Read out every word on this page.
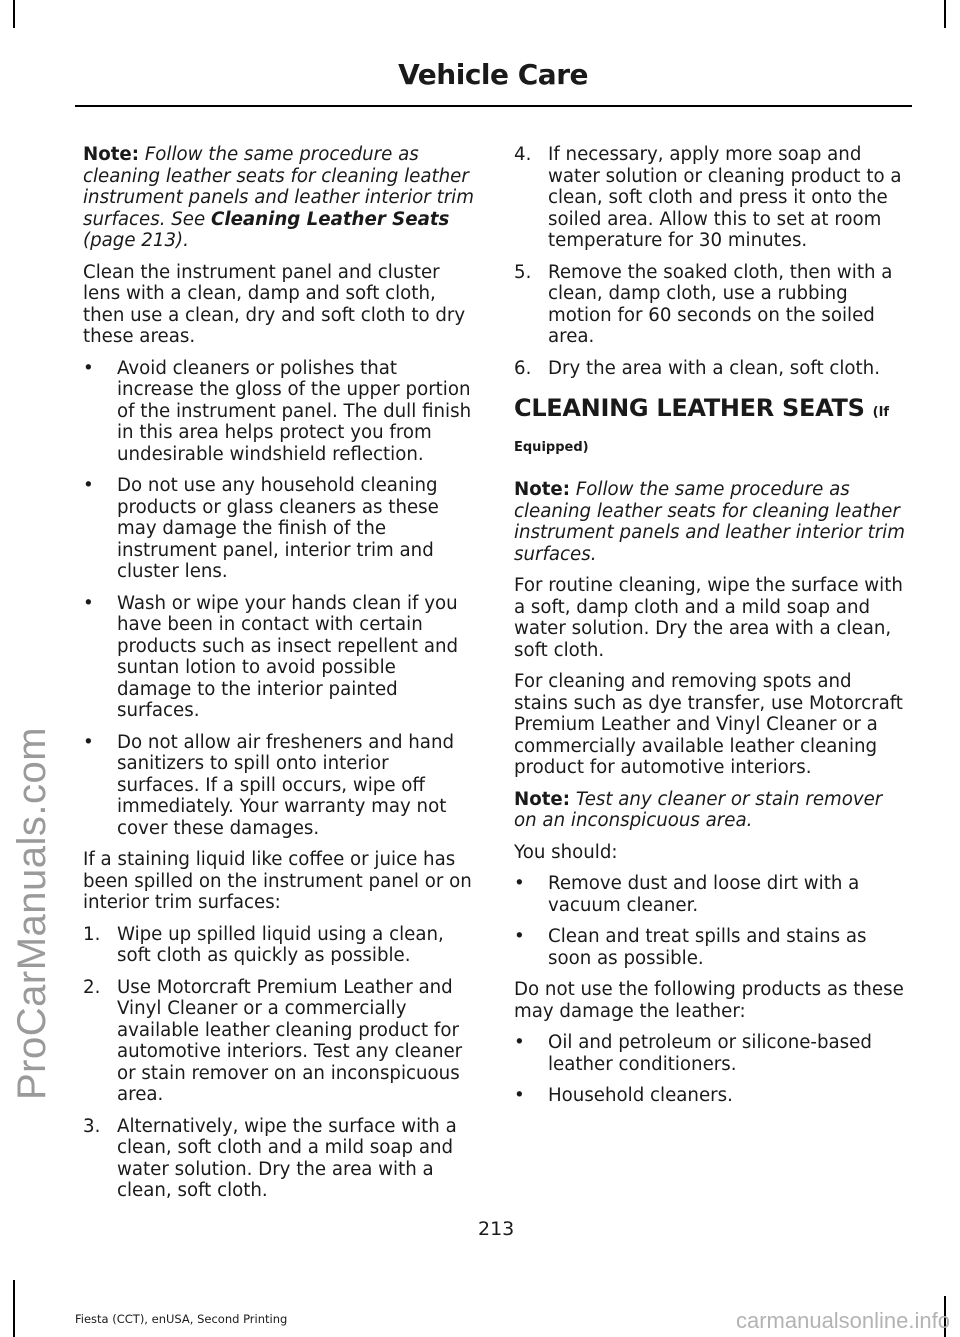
ProCarManuals.com
Vehicle Care

Note: Follow the same procedure as cleaning leather seats for cleaning leather instrument panels and leather interior trim surfaces. See Cleaning Leather Seats (page 213).

Clean the instrument panel and cluster lens with a clean, damp and soft cloth, then use a clean, dry and soft cloth to dry these areas.

• Avoid cleaners or polishes that increase the gloss of the upper portion of the instrument panel. The dull finish in this area helps protect you from undesirable windshield reflection.
• Do not use any household cleaning products or glass cleaners as these may damage the finish of the instrument panel, interior trim and cluster lens.
• Wash or wipe your hands clean if you have been in contact with certain products such as insect repellent and suntan lotion to avoid possible damage to the interior painted surfaces.
• Do not allow air fresheners and hand sanitizers to spill onto interior surfaces. If a spill occurs, wipe off immediately. Your warranty may not cover these damages.

If a staining liquid like coffee or juice has been spilled on the instrument panel or on interior trim surfaces:

1. Wipe up spilled liquid using a clean, soft cloth as quickly as possible.
2. Use Motorcraft Premium Leather and Vinyl Cleaner or a commercially available leather cleaning product for automotive interiors. Test any cleaner or stain remover on an inconspicuous area.
3. Alternatively, wipe the surface with a clean, soft cloth and a mild soap and water solution. Dry the area with a clean, soft cloth.
4. If necessary, apply more soap and water solution or cleaning product to a clean, soft cloth and press it onto the soiled area. Allow this to set at room temperature for 30 minutes.
5. Remove the soaked cloth, then with a clean, damp cloth, use a rubbing motion for 60 seconds on the soiled area.
6. Dry the area with a clean, soft cloth.
CLEANING LEATHER SEATS (If Equipped)

Note: Follow the same procedure as cleaning leather seats for cleaning leather instrument panels and leather interior trim surfaces.

For routine cleaning, wipe the surface with a soft, damp cloth and a mild soap and water solution. Dry the area with a clean, soft cloth.

For cleaning and removing spots and stains such as dye transfer, use Motorcraft Premium Leather and Vinyl Cleaner or a commercially available leather cleaning product for automotive interiors.

Note: Test any cleaner or stain remover on an inconspicuous area.

You should:

• Remove dust and loose dirt with a vacuum cleaner.
• Clean and treat spills and stains as soon as possible.

Do not use the following products as these may damage the leather:

• Oil and petroleum or silicone-based leather conditioners.
• Household cleaners.
213
Fiesta (CCT), enUSA, Second Printing	carmanualsonline.info
